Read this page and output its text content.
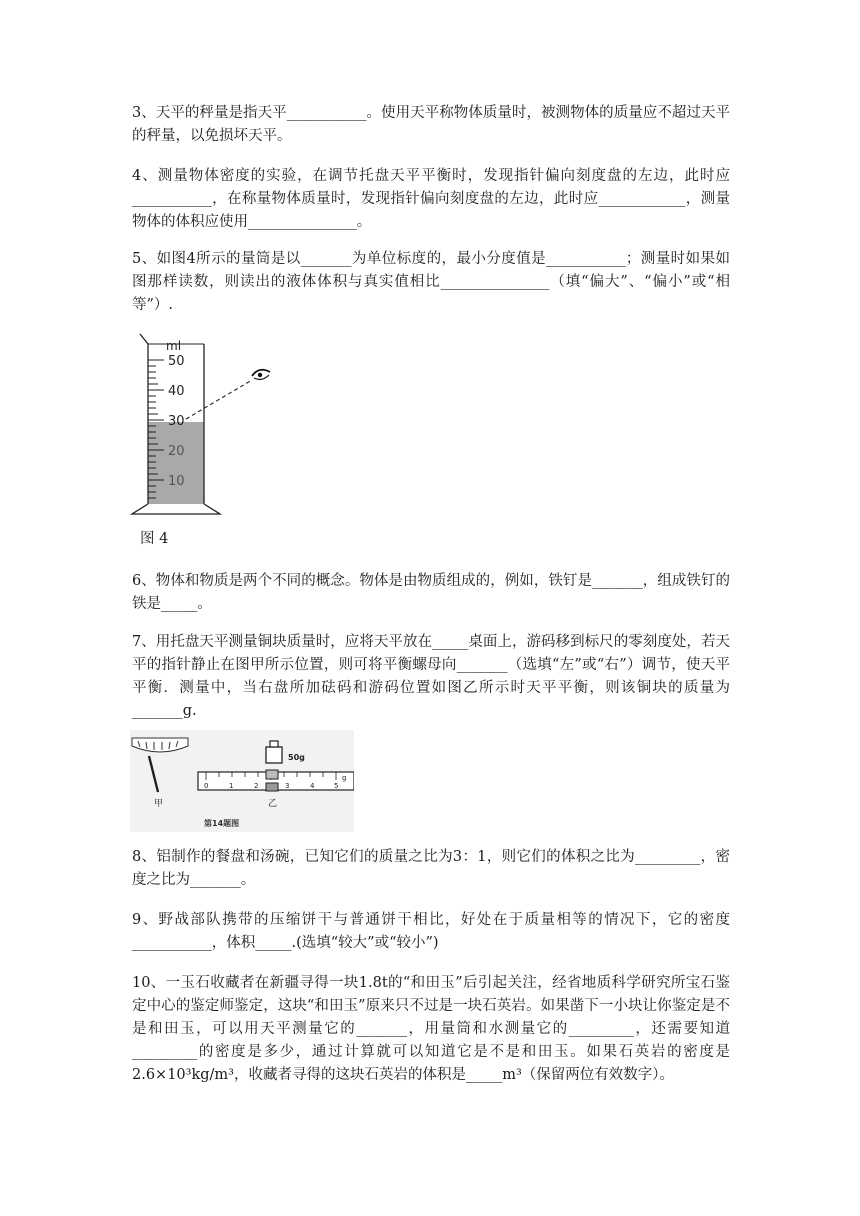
3、天平的秤量是指天平___________。使用天平称物体质量时，被测物体的质量应不超过天平的秤量，以免损坏天平。

4、测量物体密度的实验，在调节托盘天平平衡时，发现指针偏向刻度盘的左边，此时应___________，在称量物体质量时，发现指针偏向刻度盘的左边，此时应____________，测量物体的体积应使用_______________。

5、如图4所示的量筒是以_______为单位标度的，最小分度值是___________；测量时如果如图那样读数，则读出的液体体积与真实值相比_______________（填“偏大”、“偏小”或“相等”）.

ml
50
40
30
20
10
图 4

6、物体和物质是两个不同的概念。物体是由物质组成的，例如，铁钉是_______，组成铁钉的铁是_____。

7、用托盘天平测量铜块质量时，应将天平放在_____桌面上，游码移到标尺的零刻度处，若天平的指针静止在图甲所示位置，则可将平衡螺母向_______（选填“左”或“右”）调节，使天平平衡．测量中，当右盘所加砝码和游码位置如图乙所示时天平平衡，则该铜块的质量为_______g.

甲
50g
0	1	2	3	4	5
g
乙
第14题图

8、铝制作的餐盘和汤碗，已知它们的质量之比为3：1，则它们的体积之比为_________，密度之比为_______。

9、野战部队携带的压缩饼干与普通饼干相比，好处在于质量相等的情况下，它的密度___________，体积_____.(选填“较大”或“较小”)

10、一玉石收藏者在新疆寻得一块1.8t的“和田玉”后引起关注，经省地质科学研究所宝石鉴定中心的鉴定师鉴定，这块“和田玉”原来只不过是一块石英岩。如果凿下一小块让你鉴定是不是和田玉，可以用天平测量它的_______，用量筒和水测量它的_________，还需要知道_________的密度是多少，通过计算就可以知道它是不是和田玉。如果石英岩的密度是2.6×10³kg/m³，收藏者寻得的这块石英岩的体积是_____m³（保留两位有效数字）。
